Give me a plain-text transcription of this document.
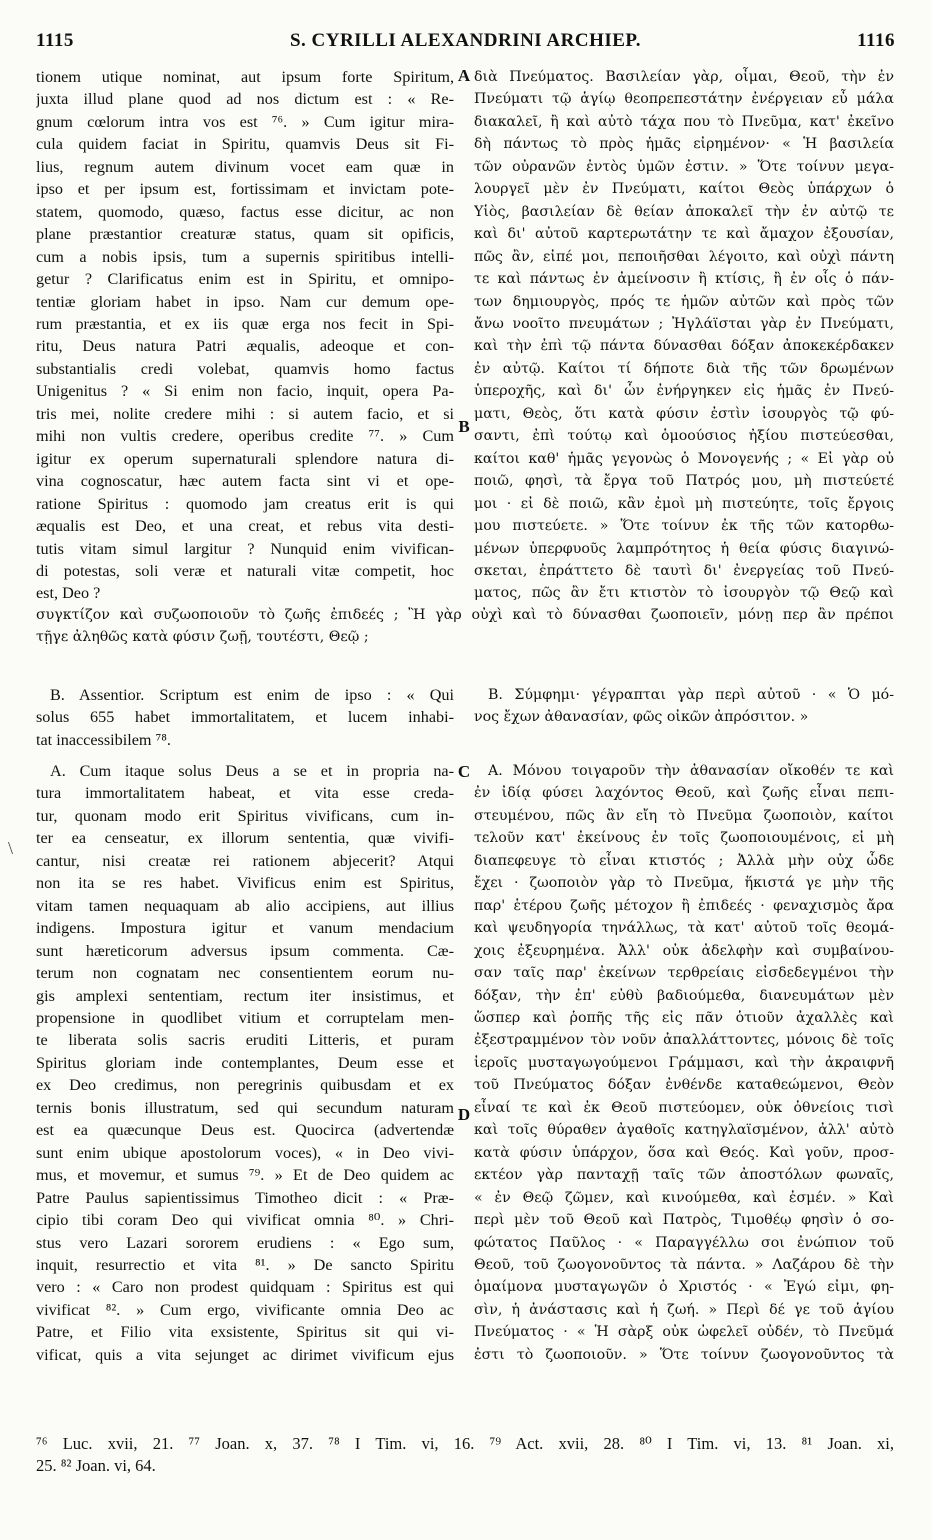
1115	S. CYRILLI ALEXANDRINI ARCHIEP.	1116
A
B
C
D
\
tionem utique nominat, aut ipsum forte Spiritum,
juxta illud plane quod ad nos dictum est : « Re-
gnum cœlorum intra vos est ⁷⁶. » Cum igitur mira-
cula quidem faciat in Spiritu, quamvis Deus sit Fi-
lius, regnum autem divinum vocet eam quæ in
ipso et per ipsum est, fortissimam et invictam pote-
statem, quomodo, quæso, factus esse dicitur, ac non
plane præstantior creaturæ status, quam sit opificis,
cum a nobis ipsis, tum a supernis spiritibus intelli-
getur ? Clarificatus enim est in Spiritu, et omnipo-
tentiæ gloriam habet in ipso. Nam cur demum ope-
rum præstantia, et ex iis quæ erga nos fecit in Spi-
ritu, Deus natura Patri æqualis, adeoque et con-
substantialis credi volebat, quamvis homo factus
Unigenitus ? « Si enim non facio, inquit, opera Pa-
tris mei, nolite credere mihi : si autem facio, et si
mihi non vultis credere, operibus credite ⁷⁷. » Cum
igitur ex operum supernaturali splendore natura di-
vina cognoscatur, hæc autem facta sint vi et ope-
ratione Spiritus : quomodo jam creatus erit is qui
æqualis est Deo, et una creat, et rebus vita desti-
tutis vitam simul largitur ? Nunquid enim vivifican-
di potestas, soli veræ et naturali vitæ competit, hoc
est, Deo ?
διὰ Πνεύματος. Βασιλείαν γὰρ, οἶμαι, Θεοῦ, τὴν ἐν
Πνεύματι τῷ ἁγίῳ θεοπρεπεστάτην ἐνέργειαν εὖ μάλα
διακαλεῖ, ἢ καὶ αὐτὸ τάχα που τὸ Πνεῦμα, κατ' ἐκεῖνο
δὴ πάντως τὸ πρὸς ἡμᾶς εἰρημένον· « Ἡ βασιλεία
τῶν οὐρανῶν ἐντὸς ὑμῶν ἐστιν. » Ὅτε τοίνυν μεγα-
λουργεῖ μὲν ἐν Πνεύματι, καίτοι Θεὸς ὑπάρχων ὁ
Υἱὸς, βασιλείαν δὲ θείαν ἀποκαλεῖ τὴν ἐν αὐτῷ τε
καὶ δι' αὐτοῦ καρτερωτάτην τε καὶ ἄμαχον ἐξουσίαν,
πῶς ἂν, εἰπέ μοι, πεποιῆσθαι λέγοιτο, καὶ οὐχὶ πάντη
τε καὶ πάντως ἐν ἀμείνοσιν ἢ κτίσις, ἢ ἐν οἷς ὁ πάν-
των δημιουργὸς, πρός τε ἡμῶν αὐτῶν καὶ πρὸς τῶν
ἄνω νοοῖτο πνευμάτων ; Ἠγλάϊσται γὰρ ἐν Πνεύματι,
καὶ τὴν ἐπὶ τῷ πάντα δύνασθαι δόξαν ἀποκεκέρδακεν
ἐν αὐτῷ. Καίτοι τί δήποτε διὰ τῆς τῶν δρωμένων
ὑπεροχῆς, καὶ δι' ὧν ἐνήργηκεν εἰς ἡμᾶς ἐν Πνεύ-
ματι, Θεὸς, ὅτι κατὰ φύσιν ἐστὶν ἰσουργὸς τῷ φύ-
σαντι, ἐπὶ τούτῳ καὶ ὁμοούσιος ἠξίου πιστεύεσθαι,
καίτοι καθ' ἡμᾶς γεγονὼς ὁ Μονογενής ; « Εἰ γὰρ οὐ
ποιῶ, φησὶ, τὰ ἔργα τοῦ Πατρός μου, μὴ πιστεύετέ
μοι · εἰ δὲ ποιῶ, κἂν ἐμοὶ μὴ πιστεύητε, τοῖς ἔργοις
μου πιστεύετε. » Ὅτε τοίνυν ἐκ τῆς τῶν κατορθω-
μένων ὑπερφυοῦς λαμπρότητος ἡ θεία φύσις διαγινώ-
σκεται, ἐπράττετο δὲ ταυτὶ δι' ἐνεργείας τοῦ Πνεύ-
ματος, πῶς ἂν ἔτι κτιστὸν τὸ ἰσουργὸν τῷ Θεῷ καὶ
συγκτίζον καὶ συζωοποιοῦν τὸ ζωῆς ἐπιδεές ; Ἢ γὰρ οὐχὶ καὶ τὸ δύνασθαι ζωοποιεῖν, μόνῃ περ ἂν πρέποι
τῇγε ἀληθῶς κατὰ φύσιν ζωῇ, τουτέστι, Θεῷ ;
B. Assentior. Scriptum est enim de ipso : « Qui
solus 655 habet immortalitatem, et lucem inhabi-
tat inaccessibilem ⁷⁸.
B. Σύμφημι· γέγραπται γὰρ περὶ αὐτοῦ · « Ὁ μό-
νος ἔχων ἀθανασίαν, φῶς οἰκῶν ἀπρόσιτον. »
A. Cum itaque solus Deus a se et in propria na-
tura immortalitatem habeat, et vita esse creda-
tur, quonam modo erit Spiritus vivificans, cum in-
ter ea censeatur, ex illorum sententia, quæ vivifi-
cantur, nisi creatæ rei rationem abjecerit? Atqui
non ita se res habet. Vivificus enim est Spiritus,
vitam tamen nequaquam ab alio accipiens, aut illius
indigens. Impostura igitur et vanum mendacium
sunt hæreticorum adversus ipsum commenta. Cæ-
terum non cognatam nec consentientem eorum nu-
gis amplexi sententiam, rectum iter insistimus, et
propensione in quodlibet vitium et corruptelam men-
te liberata solis sacris eruditi Litteris, et puram
Spiritus gloriam inde contemplantes, Deum esse et
ex Deo credimus, non peregrinis quibusdam et ex
ternis bonis illustratum, sed qui secundum naturam
est ea quæcunque Deus est. Quocirca (advertendæ
sunt enim ubique apostolorum voces), « in Deo vivi-
mus, et movemur, et sumus ⁷⁹. » Et de Deo quidem ac
Patre Paulus sapientissimus Timotheo dicit : « Præ-
cipio tibi coram Deo qui vivificat omnia ⁸⁰. » Chri-
stus vero Lazari sororem erudiens : « Ego sum,
inquit, resurrectio et vita ⁸¹. » De sancto Spiritu
vero : « Caro non prodest quidquam : Spiritus est qui
vivificat ⁸². » Cum ergo, vivificante omnia Deo ac
Patre, et Filio vita exsistente, Spiritus sit qui vi-
vificat, quis a vita sejunget ac dirimet vivificum ejus
A. Μόνου τοιγαροῦν τὴν ἀθανασίαν οἴκοθέν τε καὶ
ἐν ἰδίᾳ φύσει λαχόντος Θεοῦ, καὶ ζωῆς εἶναι πεπι-
στευμένου, πῶς ἂν εἴη τὸ Πνεῦμα ζωοποιὸν, καίτοι
τελοῦν κατ' ἐκείνους ἐν τοῖς ζωοποιουμένοις, εἰ μὴ
διαπεφευγε τὸ εἶναι κτιστός ; Ἀλλὰ μὴν οὐχ ὧδε
ἔχει · ζωοποιὸν γὰρ τὸ Πνεῦμα, ἥκιστά γε μὴν τῆς
παρ' ἑτέρου ζωῆς μέτοχον ἢ ἐπιδεές · φεναχισμὸς ἄρα
καὶ ψευδηγορία τηνάλλως, τὰ κατ' αὐτοῦ τοῖς θεομά-
χοις ἐξευρημένα. Ἀλλ' οὐκ ἀδελφὴν καὶ συμβαίνου-
σαν ταῖς παρ' ἐκείνων τερθρείαις εἰσδεδεγμένοι τὴν
δόξαν, τὴν ἐπ' εὐθὺ βαδιούμεθα, διανευμάτων μὲν
ὥσπερ καὶ ῥοπῆς τῆς εἰς πᾶν ὁτιοῦν ἀχαλλὲς καὶ
ἐξεστραμμένον τὸν νοῦν ἀπαλλάττοντες, μόνοις δὲ τοῖς
ἱεροῖς μυσταγωγούμενοι Γράμμασι, καὶ τὴν ἀκραιφνῆ
τοῦ Πνεύματος δόξαν ἐνθένδε καταθεώμενοι, Θεὸν
εἶναί τε καὶ ἐκ Θεοῦ πιστεύομεν, οὐκ ὀθνείοις τισὶ
καὶ τοῖς θύραθεν ἀγαθοῖς κατηγλαϊσμένον, ἀλλ' αὐτὸ
κατὰ φύσιν ὑπάρχον, ὅσα καὶ Θεός. Καὶ γοῦν, προσ-
εκτέον γὰρ πανταχῇ ταῖς τῶν ἀποστόλων φωναῖς,
« ἐν Θεῷ ζῶμεν, καὶ κινούμεθα, καὶ ἐσμέν. » Καὶ
περὶ μὲν τοῦ Θεοῦ καὶ Πατρὸς, Τιμοθέῳ φησὶν ὁ σο-
φώτατος Παῦλος · « Παραγγέλλω σοι ἐνώπιον τοῦ
Θεοῦ, τοῦ ζωογονοῦντος τὰ πάντα. » Λαζάρου δὲ τὴν
ὁμαίμονα μυσταγωγῶν ὁ Χριστός · « Ἐγώ εἰμι, φη-
σὶν, ἡ ἀνάστασις καὶ ἡ ζωή. » Περὶ δέ γε τοῦ ἁγίου
Πνεύματος · « Ἡ σὰρξ οὐκ ὠφελεῖ οὐδέν, τὸ Πνεῦμά
ἐστι τὸ ζωοποιοῦν. » Ὅτε τοίνυν ζωογονοῦντος τὰ
⁷⁶ Luc. xvii, 21. ⁷⁷ Joan. x, 37. ⁷⁸ I Tim. vi, 16. ⁷⁹ Act. xvii, 28. ⁸⁰ I Tim. vi, 13. ⁸¹ Joan. xi,
25. ⁸² Joan. vi, 64.
